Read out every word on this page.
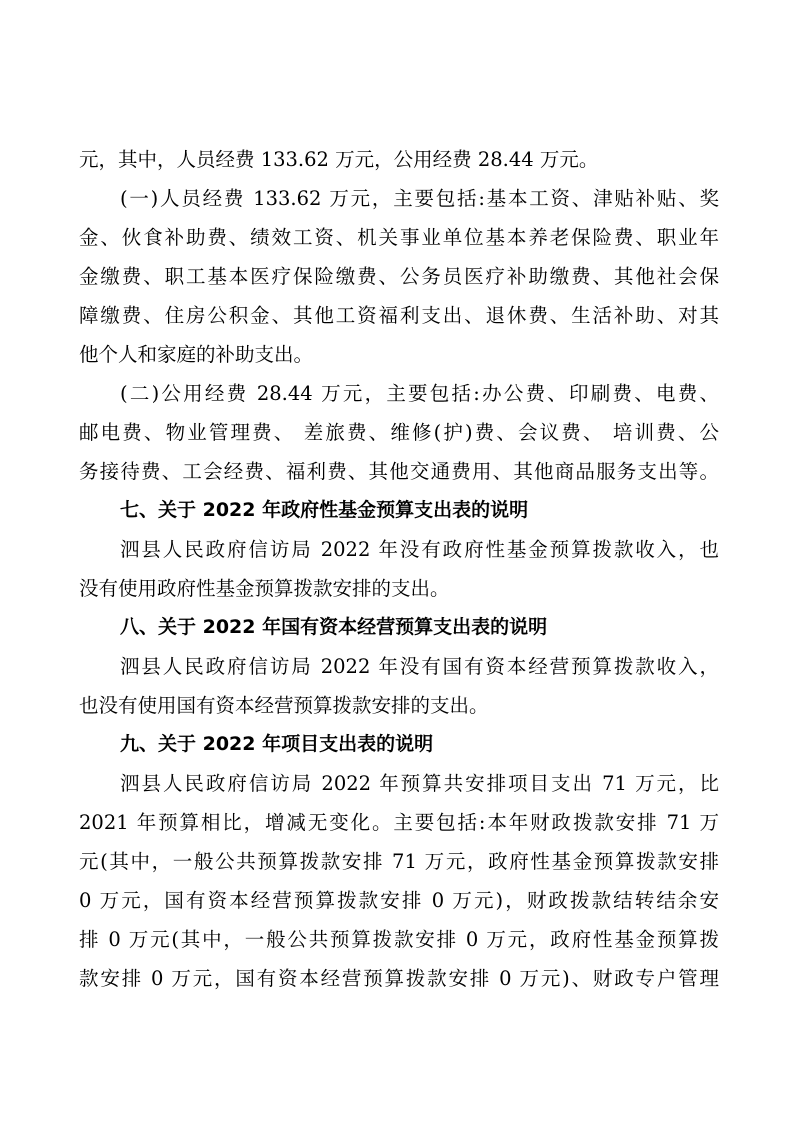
元，其中，人员经费 133.62 万元，公用经费 28.44 万元。
(一)人员经费 133.62 万元，主要包括:基本工资、津贴补贴、奖
金、伙食补助费、绩效工资、机关事业单位基本养老保险费、职业年
金缴费、职工基本医疗保险缴费、公务员医疗补助缴费、其他社会保
障缴费、住房公积金、其他工资福利支出、退休费、生活补助、对其
他个人和家庭的补助支出。
(二)公用经费 28.44 万元，主要包括:办公费、印刷费、电费、
邮电费、物业管理费、 差旅费、维修(护)费、会议费、 培训费、公
务接待费、工会经费、福利费、其他交通费用、其他商品服务支出等。
七、关于 2022 年政府性基金预算支出表的说明
泗县人民政府信访局 2022 年没有政府性基金预算拨款收入，也
没有使用政府性基金预算拨款安排的支出。
八、关于 2022 年国有资本经营预算支出表的说明
泗县人民政府信访局 2022 年没有国有资本经营预算拨款收入，
也没有使用国有资本经营预算拨款安排的支出。
九、关于 2022 年项目支出表的说明
泗县人民政府信访局 2022 年预算共安排项目支出 71 万元，比
2021 年预算相比，增减无变化。主要包括:本年财政拨款安排 71 万
元(其中，一般公共预算拨款安排 71 万元，政府性基金预算拨款安排
0 万元，国有资本经营预算拨款安排 0 万元)，财政拨款结转结余安
排 0 万元(其中，一般公共预算拨款安排 0 万元，政府性基金预算拨
款安排 0 万元，国有资本经营预算拨款安排 0 万元)、财政专户管理
